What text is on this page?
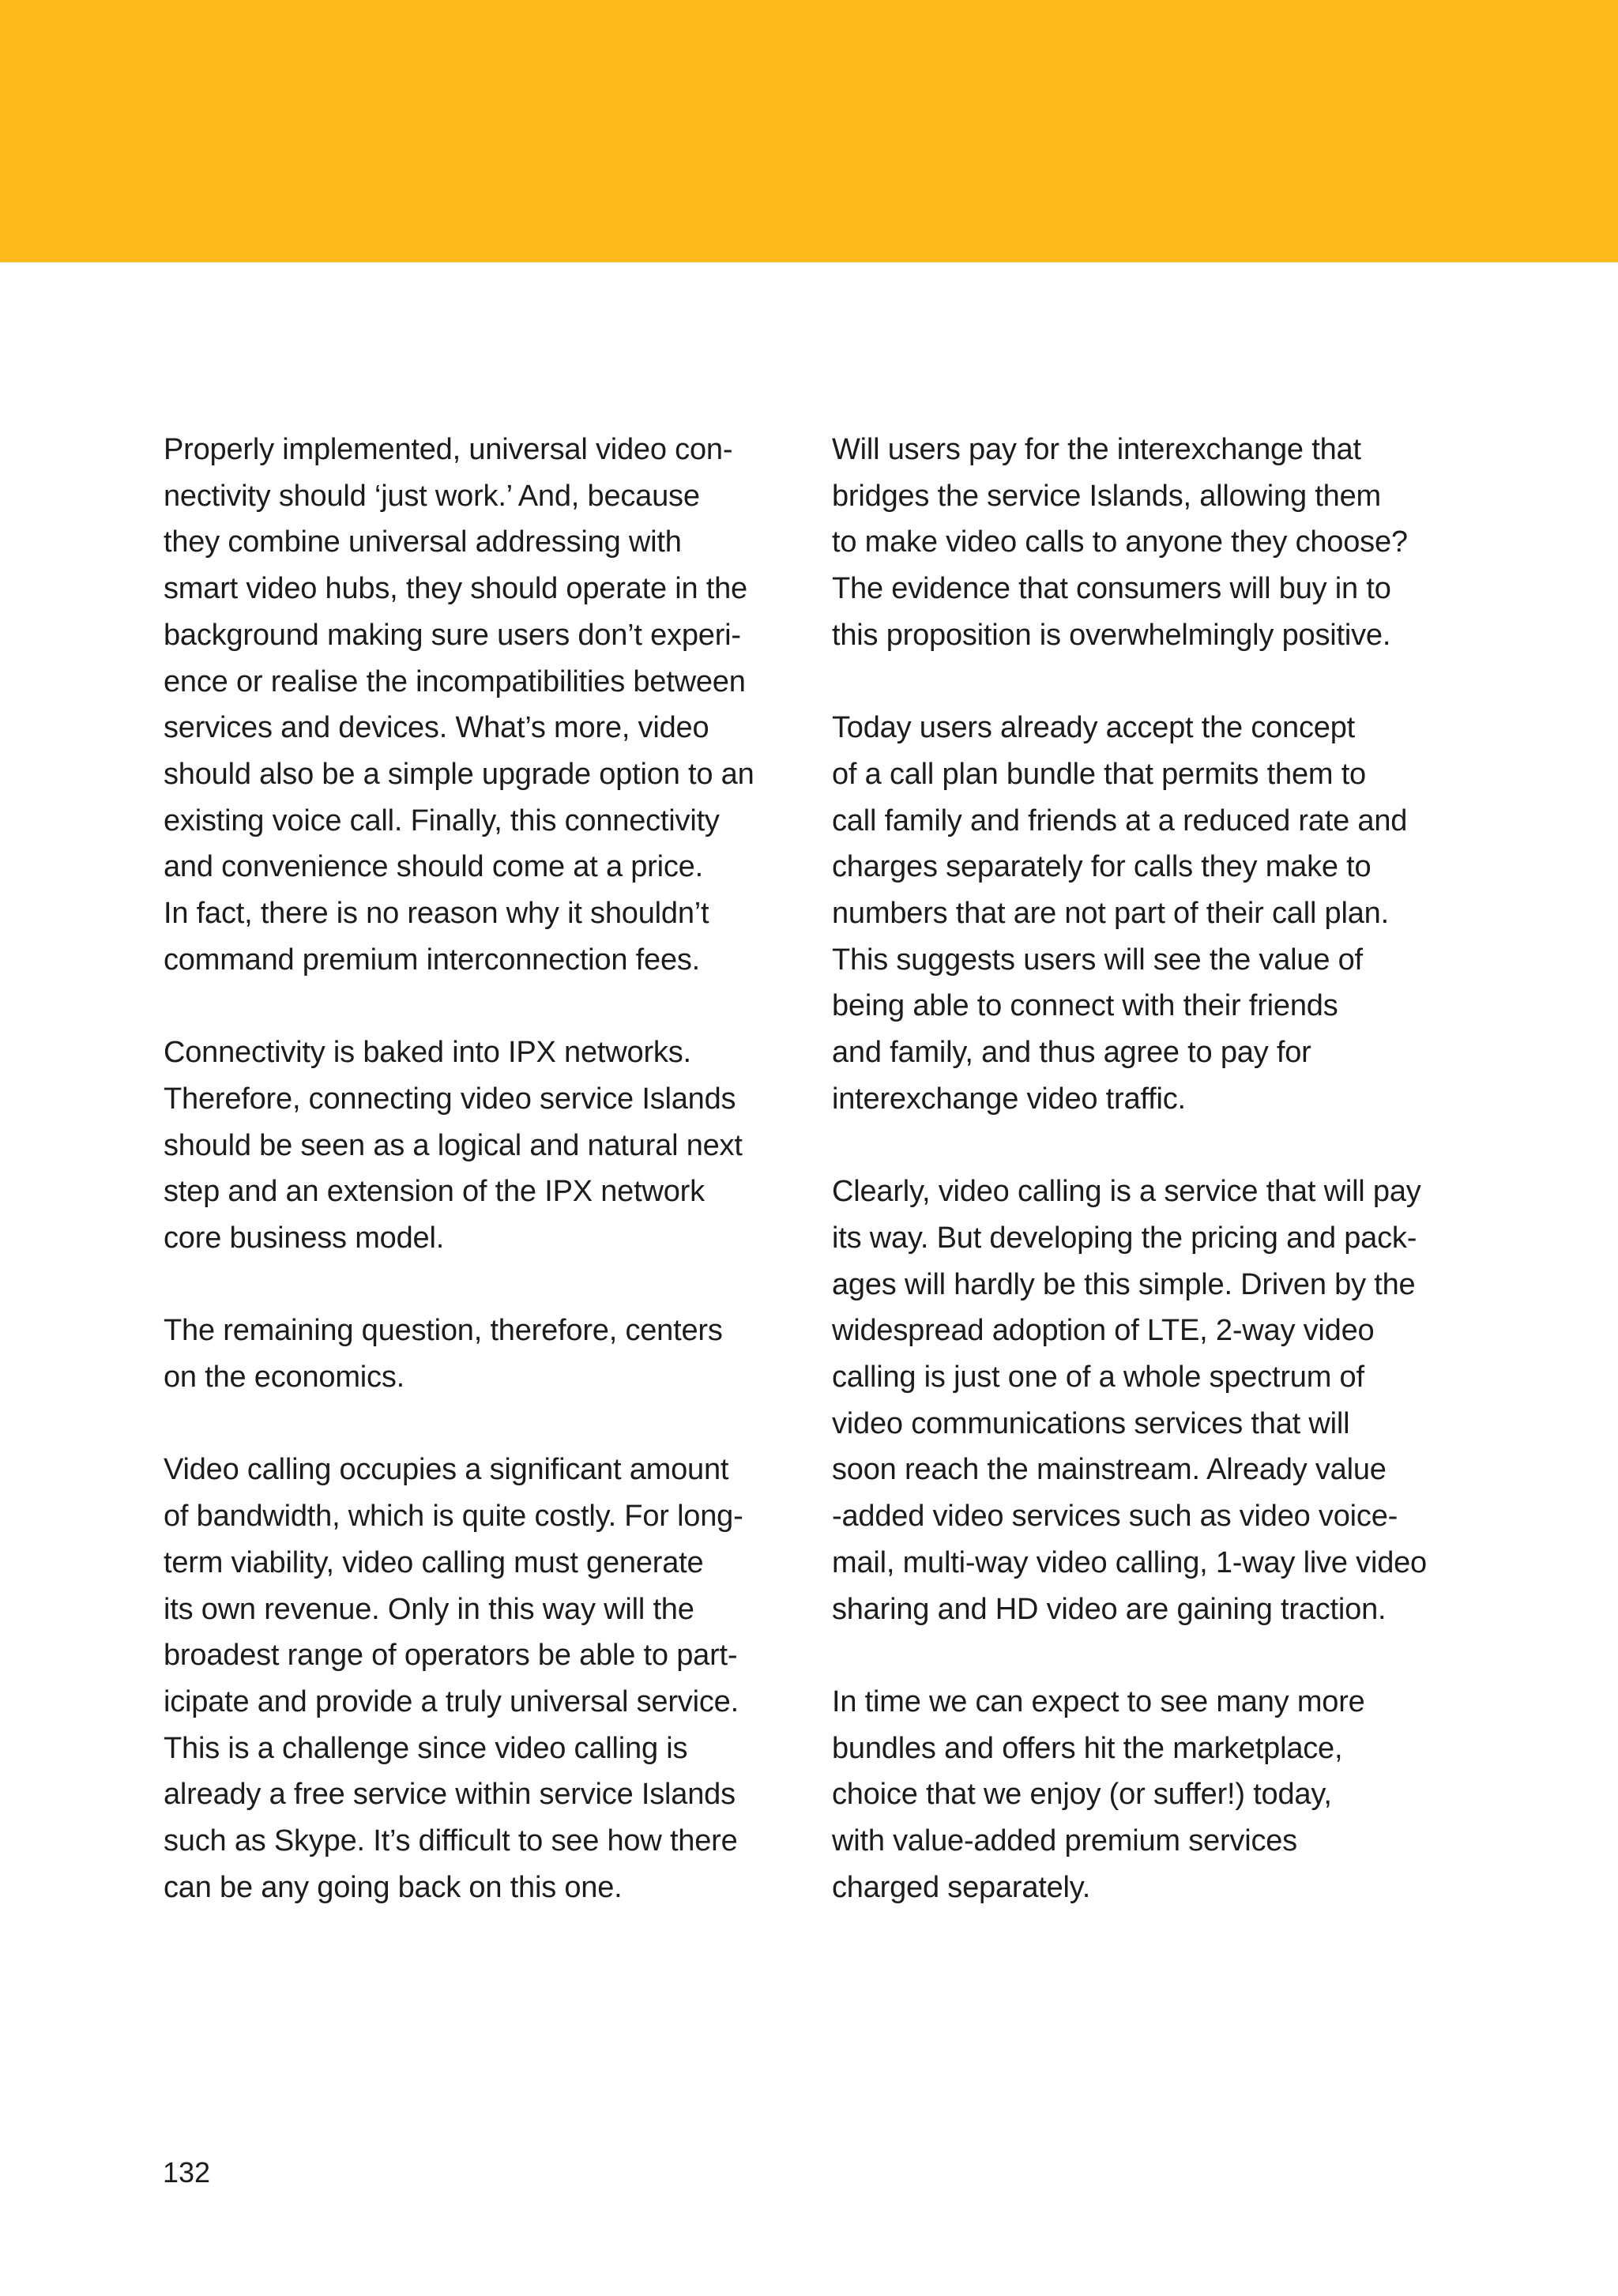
Properly implemented, universal video con-
nectivity should ‘just work.’ And, because
they combine universal addressing with
smart video hubs, they should operate in the
background making sure users don’t experi-
ence or realise the incompatibilities between
services and devices. What’s more, video
should also be a simple upgrade option to an
existing voice call. Finally, this connectivity
and convenience should come at a price.
In fact, there is no reason why it shouldn’t
command premium interconnection fees.

Connectivity is baked into IPX networks.
Therefore, connecting video service Islands
should be seen as a logical and natural next
step and an extension of the IPX network
core business model.

The remaining question, therefore, centers
on the economics.

Video calling occupies a significant amount
of bandwidth, which is quite costly. For long-
term viability, video calling must generate
its own revenue. Only in this way will the
broadest range of operators be able to part-
icipate and provide a truly universal service.
This is a challenge since video calling is
already a free service within service Islands
such as Skype. It’s difficult to see how there
can be any going back on this one.

Will users pay for the interexchange that
bridges the service Islands, allowing them
to make video calls to anyone they choose?
The evidence that consumers will buy in to
this proposition is overwhelmingly positive.

Today users already accept the concept
of a call plan bundle that permits them to
call family and friends at a reduced rate and
charges separately for calls they make to
numbers that are not part of their call plan.
This suggests users will see the value of
being able to connect with their friends
and family, and thus agree to pay for
interexchange video traffic.

Clearly, video calling is a service that will pay
its way. But developing the pricing and pack-
ages will hardly be this simple. Driven by the
widespread adoption of LTE, 2-way video
calling is just one of a whole spectrum of
video communications services that will
soon reach the mainstream. Already value
-added video services such as video voice-
mail, multi-way video calling, 1-way live video
sharing and HD video are gaining traction.

In time we can expect to see many more
bundles and offers hit the marketplace,
choice that we enjoy (or suffer!) today,
with value-added premium services
charged separately.

132
